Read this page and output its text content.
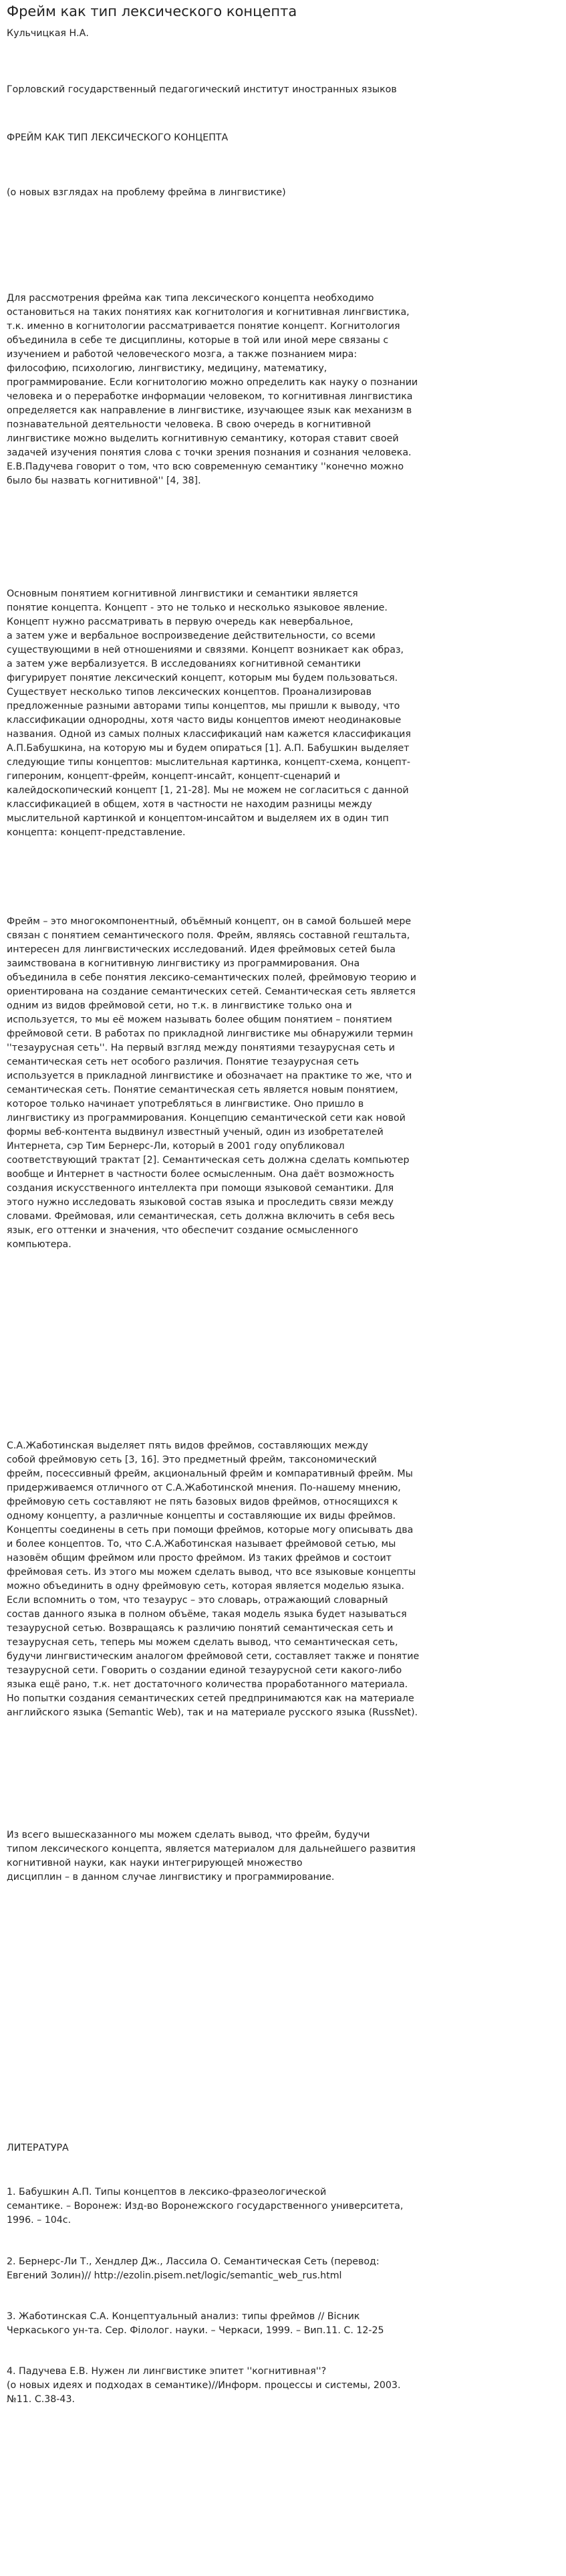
Фрейм как тип лексического концепта
Кульчицкая Н.А.
Горловский государственный педагогический институт иностранных языков
ФРЕЙМ КАК ТИП ЛЕКСИЧЕСКОГО КОНЦЕПТА
(о новых взглядах на проблему фрейма в лингвистике)
Для рассмотрения фрейма как типа лексического концепта необходимо
остановиться на таких понятиях как когнитология и когнитивная лингвистика,
т.к. именно в когнитологии рассматривается понятие концепт. Когнитология
объединила в себе те дисциплины, которые в той или иной мере связаны с
изучением и работой человеческого мозга, а также познанием мира:
философию, психологию, лингвистику, медицину, математику,
программирование. Если когнитологию можно определить как науку о познании
человека и о переработке информации человеком, то когнитивная лингвистика
определяется как направление в лингвистике, изучающее язык как механизм в
познавательной деятельности человека. В свою очередь в когнитивной
лингвистике можно выделить когнитивную семантику, которая ставит своей
задачей изучения понятия слова с точки зрения познания и сознания человека.
Е.В.Падучева говорит о том, что всю современную семантику ''конечно можно
было бы назвать когнитивной'' [4, 38].
Основным понятием когнитивной лингвистики и семантики является
понятие концепта. Концепт - это не только и несколько языковое явление.
Концепт нужно рассматривать в первую очередь как невербальное,
а затем уже и вербальное воспроизведение действительности, со всеми
существующими в ней отношениями и связями. Концепт возникает как образ,
а затем уже вербализуется. В исследованиях когнитивной семантики
фигурирует понятие лексический концепт, которым мы будем пользоваться.
Существует несколько типов лексических концептов. Проанализировав
предложенные разными авторами типы концептов, мы пришли к выводу, что
классификации однородны, хотя часто виды концептов имеют неодинаковые
названия. Одной из самых полных классификаций нам кажется классификация
А.П.Бабушкина, на которую мы и будем опираться [1]. А.П. Бабушкин выделяет
следующие типы концептов: мыслительная картинка, концепт-схема, концепт-
гипероним, концепт-фрейм, концепт-инсайт, концепт-сценарий и
калейдоскопический концепт [1, 21-28]. Мы не можем не согласиться с данной
классификацией в общем, хотя в частности не находим разницы между
мыслительной картинкой и концептом-инсайтом и выделяем их в один тип
концепта: концепт-представление.
Фрейм – это многокомпонентный, объёмный концепт, он в самой большей мере
связан с понятием семантического поля. Фрейм, являясь составной гештальта,
интересен для лингвистических исследований. Идея фреймовых сетей была
заимствована в когнитивную лингвистику из программирования. Она
объединила в себе понятия лексико-семантических полей, фреймовую теорию и
ориентирована на создание семантических сетей. Семантическая сеть является
одним из видов фреймовой сети, но т.к. в лингвистике только она и
используется, то мы её можем называть более общим понятием – понятием
фреймовой сети. В работах по прикладной лингвистике мы обнаружили термин
''тезаурусная сеть''. На первый взгляд между понятиями тезаурусная сеть и
семантическая сеть нет особого различия. Понятие тезаурусная сеть
используется в прикладной лингвистике и обозначает на практике то же, что и
семантическая сеть. Понятие семантическая сеть является новым понятием,
которое только начинает употребляться в лингвистике. Оно пришло в
лингвистику из программирования. Концепцию семантической сети как новой
формы веб-контента выдвинул известный ученый, один из изобретателей
Интернета, сэр Тим Бернерс-Ли, который в 2001 году опубликовал
соответствующий трактат [2]. Семантическая сеть должна сделать компьютер
вообще и Интернет в частности более осмысленным. Она даёт возможность
создания искусственного интеллекта при помощи языковой семантики. Для
этого нужно исследовать языковой состав языка и проследить связи между
словами. Фреймовая, или семантическая, сеть должна включить в себя весь
язык, его оттенки и значения, что обеспечит создание осмысленного
компьютера.
С.А.Жаботинская выделяет пять видов фреймов, составляющих между
собой фреймовую сеть [3, 16]. Это предметный фрейм, таксономический
фрейм, посессивный фрейм, акциональный фрейм и компаративный фрейм. Мы
придерживаемся отличного от С.А.Жаботинской мнения. По-нашему мнению,
фреймовую сеть составляют не пять базовых видов фреймов, относящихся к
одному концепту, а различные концепты и составляющие их виды фреймов.
Концепты соединены в сеть при помощи фреймов, которые могу описывать два
и более концептов. То, что С.А.Жаботинская называет фреймовой сетью, мы
назовём общим фреймом или просто фреймом. Из таких фреймов и состоит
фреймовая сеть. Из этого мы можем сделать вывод, что все языковые концепты
можно объединить в одну фреймовую сеть, которая является моделью языка.
Если вспомнить о том, что тезаурус – это словарь, отражающий словарный
состав данного языка в полном объёме, такая модель языка будет называться
тезаурусной сетью. Возвращаясь к различию понятий семантическая сеть и
тезаурусная сеть, теперь мы можем сделать вывод, что семантическая сеть,
будучи лингвистическим аналогом фреймовой сети, составляет также и понятие
тезаурусной сети. Говорить о создании единой тезаурусной сети какого-либо
языка ещё рано, т.к. нет достаточного количества проработанного материала.
Но попытки создания семантических сетей предпринимаются как на материале
английского языка (Semantic Web), так и на материале русского языка (RussNet).
Из всего вышесказанного мы можем сделать вывод, что фрейм, будучи
типом лексического концепта, является материалом для дальнейшего развития
когнитивной науки, как науки интегрирующей множество
дисциплин – в данном случае лингвистику и программирование.
ЛИТЕРАТУРА
1. Бабушкин А.П. Типы концептов в лексико-фразеологической
семантике. – Воронеж: Изд-во Воронежского государственного университета,
1996. – 104с.
2. Бернерс-Ли Т., Хендлер Дж., Лассила О. Семантическая Сеть (перевод:
Евгений Золин)// http://ezolin.pisem.net/logic/semantic_web_rus.html
3. Жаботинская С.А. Концептуальный анализ: типы фреймов // Вiсник
Черкаського ун-та. Сер. Фiлолог. науки. – Черкаси, 1999. – Вип.11. С. 12-25
4. Падучева Е.В. Нужен ли лингвистике эпитет ''когнитивная''?
(о новых идеях и подходах в семантике)//Информ. процессы и системы, 2003.
№11. С.38-43.
